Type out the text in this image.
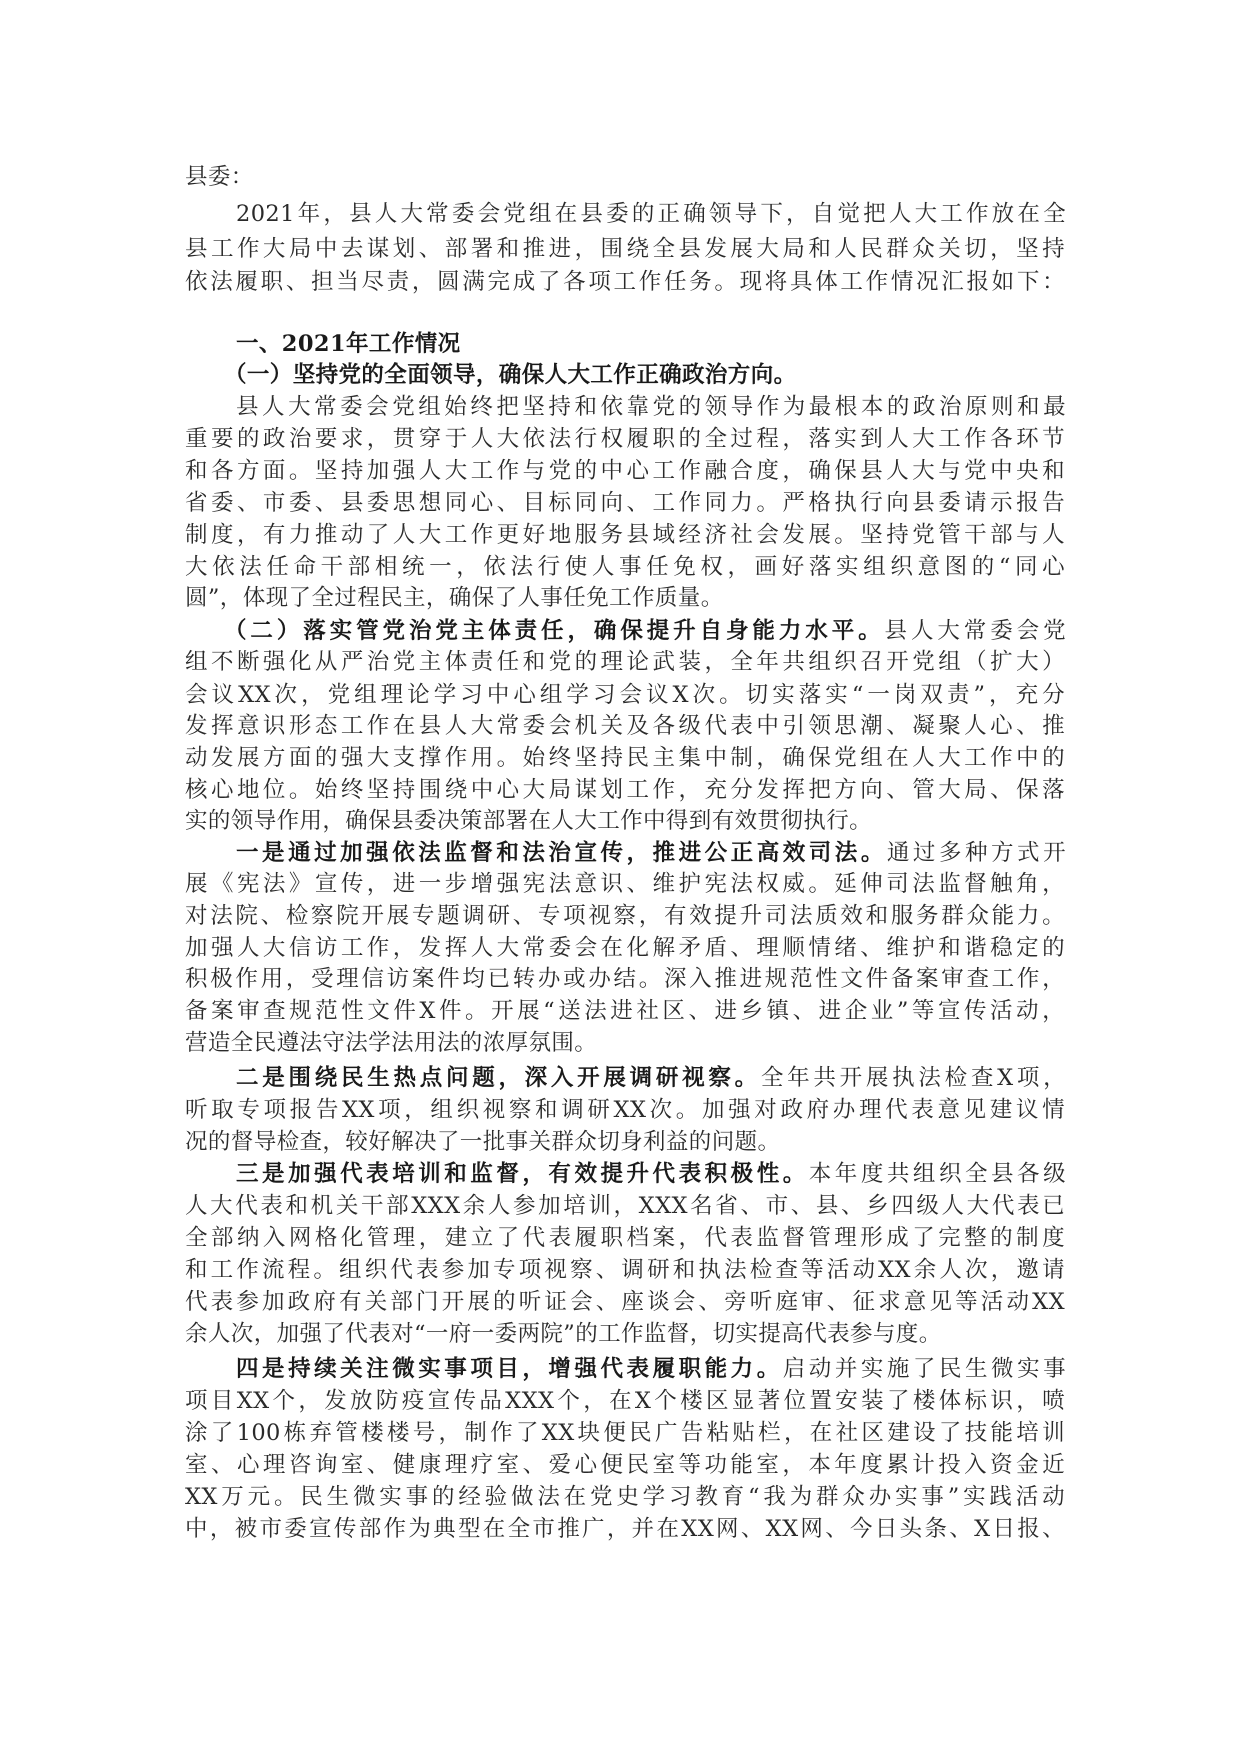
县委：
2021年，县人大常委会党组在县委的正确领导下，自觉把人大工作放在全
县工作大局中去谋划、部署和推进，围绕全县发展大局和人民群众关切，坚持
依法履职、担当尽责，圆满完成了各项工作任务。现将具体工作情况汇报如下：
一、2021年工作情况
（一）坚持党的全面领导，确保人大工作正确政治方向。
县人大常委会党组始终把坚持和依靠党的领导作为最根本的政治原则和最
重要的政治要求，贯穿于人大依法行权履职的全过程，落实到人大工作各环节
和各方面。坚持加强人大工作与党的中心工作融合度，确保县人大与党中央和
省委、市委、县委思想同心、目标同向、工作同力。严格执行向县委请示报告
制度，有力推动了人大工作更好地服务县域经济社会发展。坚持党管干部与人
大依法任命干部相统一，依法行使人事任免权，画好落实组织意图的“同心
圆”，体现了全过程民主，确保了人事任免工作质量。
（二）落实管党治党主体责任，确保提升自身能力水平。县人大常委会党
组不断强化从严治党主体责任和党的理论武装，全年共组织召开党组（扩大）
会议XX次，党组理论学习中心组学习会议X次。切实落实“一岗双责”，充分
发挥意识形态工作在县人大常委会机关及各级代表中引领思潮、凝聚人心、推
动发展方面的强大支撑作用。始终坚持民主集中制，确保党组在人大工作中的
核心地位。始终坚持围绕中心大局谋划工作，充分发挥把方向、管大局、保落
实的领导作用，确保县委决策部署在人大工作中得到有效贯彻执行。
一是通过加强依法监督和法治宣传，推进公正高效司法。通过多种方式开
展《宪法》宣传，进一步增强宪法意识、维护宪法权威。延伸司法监督触角，
对法院、检察院开展专题调研、专项视察，有效提升司法质效和服务群众能力。
加强人大信访工作，发挥人大常委会在化解矛盾、理顺情绪、维护和谐稳定的
积极作用，受理信访案件均已转办或办结。深入推进规范性文件备案审查工作，
备案审查规范性文件X件。开展“送法进社区、进乡镇、进企业”等宣传活动，
营造全民遵法守法学法用法的浓厚氛围。
二是围绕民生热点问题，深入开展调研视察。全年共开展执法检查X项，
听取专项报告XX项，组织视察和调研XX次。加强对政府办理代表意见建议情
况的督导检查，较好解决了一批事关群众切身利益的问题。
三是加强代表培训和监督，有效提升代表积极性。本年度共组织全县各级
人大代表和机关干部XXX余人参加培训，XXX名省、市、县、乡四级人大代表已
全部纳入网格化管理，建立了代表履职档案，代表监督管理形成了完整的制度
和工作流程。组织代表参加专项视察、调研和执法检查等活动XX余人次，邀请
代表参加政府有关部门开展的听证会、座谈会、旁听庭审、征求意见等活动XX
余人次，加强了代表对“一府一委两院”的工作监督，切实提高代表参与度。
四是持续关注微实事项目，增强代表履职能力。启动并实施了民生微实事
项目XX个，发放防疫宣传品XXX个，在X个楼区显著位置安装了楼体标识，喷
涂了100栋弃管楼楼号，制作了XX块便民广告粘贴栏，在社区建设了技能培训
室、心理咨询室、健康理疗室、爱心便民室等功能室，本年度累计投入资金近
XX万元。民生微实事的经验做法在党史学习教育“我为群众办实事”实践活动
中，被市委宣传部作为典型在全市推广，并在XX网、XX网、今日头条、X日报、
